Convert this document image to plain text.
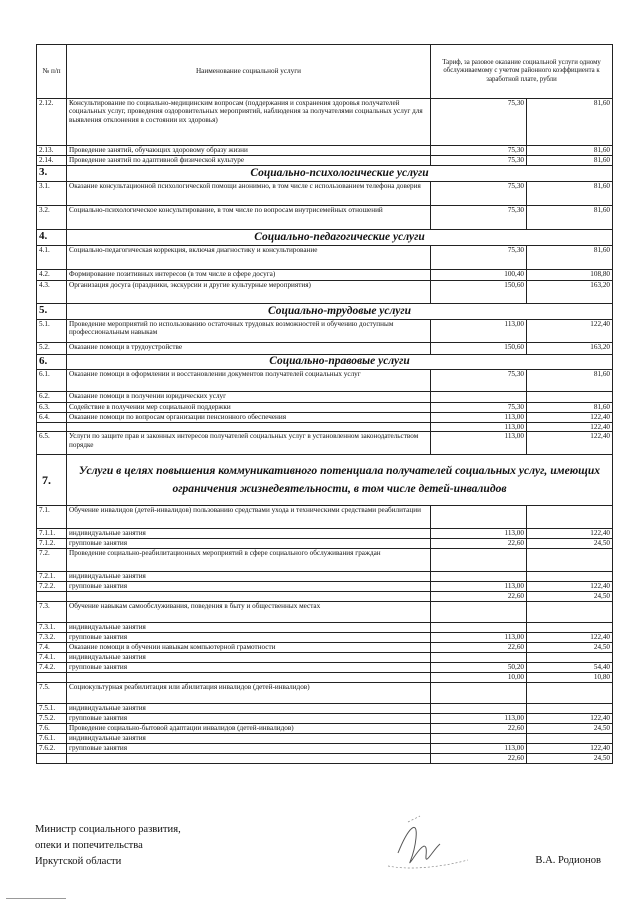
№ п/п	Наименование социальной услуги	Тариф, за разовое оказание социальной услуги одному обслуживаемому с учетом районного коэффициента к заработной плате, рубли	
2.12.	Консультирование по социально-медицинским вопросам (поддержания и сохранения здоровья получателей социальных услуг, проведения оздоровительных мероприятий, наблюдения за получателями социальных услуг для выявления отклонения в состоянии их здоровья)	75,30	81,60
2.13.	Проведение занятий, обучающих здоровому образу жизни	75,30	81,60
2.14.	Проведение занятий по адаптивной физической культуре	75,30	81,60
3.	Социально-психологические услуги		
3.1.	Оказание консультационной психологической помощи анонимно, в том числе с использованием телефона доверия	75,30	81,60
3.2.	Социально-психологическое консультирование, в том числе по вопросам внутрисемейных отношений	75,30	81,60
4.	Социально-педагогические услуги		
4.1.	Социально-педагогическая коррекция, включая диагностику и консультирование	75,30	81,60
4.2.	Формирование позитивных интересов (в том числе в сфере досуга)	100,40	108,80
4.3.	Организация досуга (праздники, экскурсии и другие культурные мероприятия)	150,60	163,20
5.	Социально-трудовые услуги		
5.1.	Проведение мероприятий по использованию остаточных трудовых возможностей и обучению доступным профессиональным навыкам	113,00	122,40
5.2.	Оказание помощи в трудоустройстве	150,60	163,20
6.	Социально-правовые услуги		
6.1.	Оказание помощи в оформлении и восстановлении документов получателей социальных услуг	75,30	81,60
6.2.	Оказание помощи в получении юридических услуг		
6.3.	Содействие в получении мер социальной поддержки	75,30	81,60
6.4.	Оказание помощи по вопросам организации пенсионного обеспечения	113,00	122,40
		113,00	122,40
6.5.	Услуги по защите прав и законных интересов получателей социальных услуг в установленном законодательством порядке	113,00	122,40
7.	Услуги в целях повышения коммуникативного потенциала получателей социальных услуг, имеющих ограничения жизнедеятельности, в том числе детей-инвалидов		
7.1.	Обучение инвалидов (детей-инвалидов) пользованию средствами ухода и техническими средствами реабилитации		
7.1.1.	индивидуальные занятия	113,00	122,40
7.1.2.	групповые занятия	22,60	24,50
7.2.	Проведение социально-реабилитационных мероприятий в сфере социального обслуживания граждан		
7.2.1.	индивидуальные занятия		
7.2.2.	групповые занятия	113,00	122,40
		22,60	24,50
7.3.	Обучение навыкам самообслуживания, поведения в быту и общественных местах		
7.3.1.	индивидуальные занятия		
7.3.2.	групповые занятия	113,00	122,40
7.4.	Оказание помощи в обучении навыкам компьютерной грамотности	22,60	24,50
7.4.1.	индивидуальные занятия		
7.4.2.	групповые занятия	50,20	54,40
		10,00	10,80
7.5.	Социокультурная реабилитация или абилитация инвалидов (детей-инвалидов)		
7.5.1.	индивидуальные занятия		
7.5.2.	групповые занятия	113,00	122,40
7.6.	Проведение социально-бытовой адаптации инвалидов (детей-инвалидов)	22,60	24,50
7.6.1.	индивидуальные занятия		
7.6.2.	групповые занятия	113,00	122,40
		22,60	24,50
Министр социального развития,
опеки и попечительства
Иркутской области	В.А. Родионов
